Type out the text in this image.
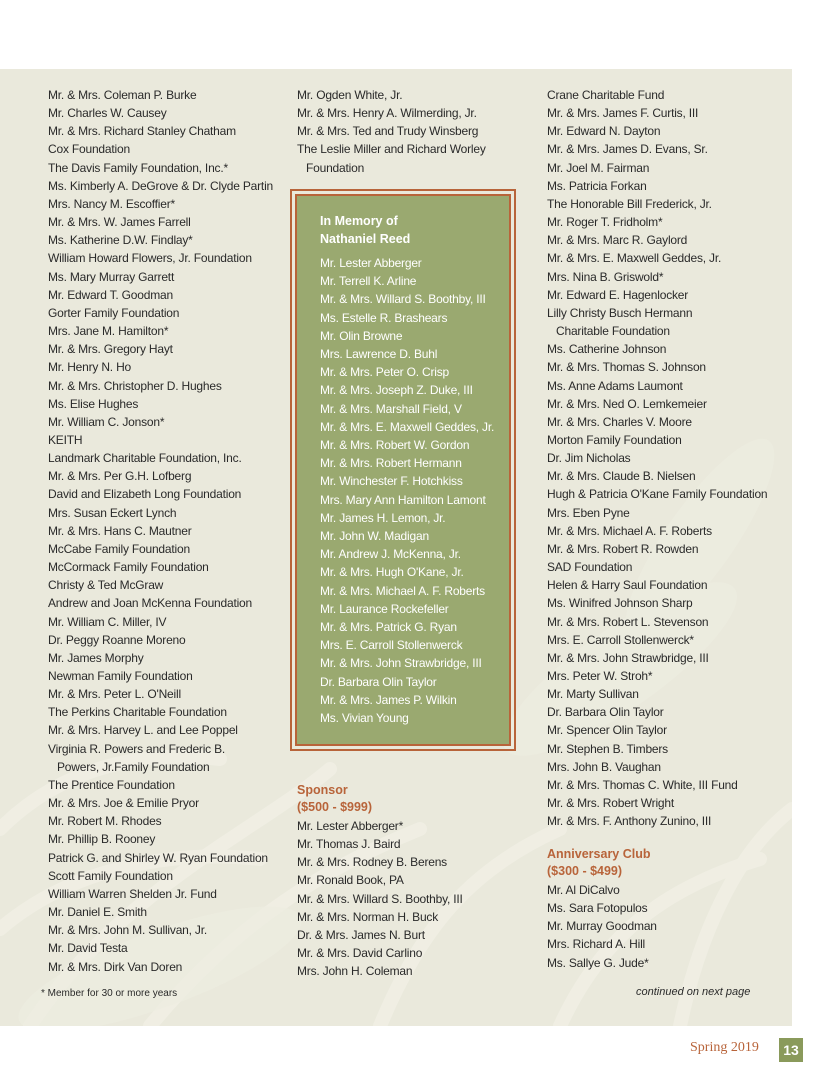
Mr. & Mrs. Coleman P. Burke
Mr. Charles W. Causey
Mr. & Mrs. Richard Stanley Chatham
Cox Foundation
The Davis Family Foundation, Inc.*
Ms. Kimberly A. DeGrove & Dr. Clyde Partin
Mrs. Nancy M. Escoffier*
Mr. & Mrs. W. James Farrell
Ms. Katherine D.W. Findlay*
William Howard Flowers, Jr. Foundation
Ms. Mary Murray Garrett
Mr. Edward T. Goodman
Gorter Family Foundation
Mrs. Jane M. Hamilton*
Mr. & Mrs. Gregory Hayt
Mr. Henry N. Ho
Mr. & Mrs. Christopher D. Hughes
Ms. Elise Hughes
Mr. William C. Jonson*
KEITH
Landmark Charitable Foundation, Inc.
Mr. & Mrs. Per G.H. Lofberg
David and Elizabeth Long Foundation
Mrs. Susan Eckert Lynch
Mr. & Mrs. Hans C. Mautner
McCabe Family Foundation
McCormack Family Foundation
Christy & Ted McGraw
Andrew and Joan McKenna Foundation
Mr. William C. Miller, IV
Dr. Peggy Roanne Moreno
Mr. James Morphy
Newman Family Foundation
Mr. & Mrs. Peter L. O'Neill
The Perkins Charitable Foundation
Mr. & Mrs. Harvey L. and Lee Poppel
Virginia R. Powers and Frederic B.
Powers, Jr.Family Foundation
The Prentice Foundation
Mr. & Mrs. Joe & Emilie Pryor
Mr. Robert M. Rhodes
Mr. Phillip B. Rooney
Patrick G. and Shirley W. Ryan Foundation
Scott Family Foundation
William Warren Shelden Jr. Fund
Mr. Daniel E. Smith
Mr. & Mrs. John M. Sullivan, Jr.
Mr. David Testa
Mr. & Mrs. Dirk Van Doren
Mr. Ogden White, Jr.
Mr. & Mrs. Henry A. Wilmerding, Jr.
Mr. & Mrs. Ted and Trudy Winsberg
The Leslie Miller and Richard Worley
Foundation
Crane Charitable Fund
Mr. & Mrs. James F. Curtis, III
Mr. Edward N. Dayton
Mr. & Mrs. James D. Evans, Sr.
Mr. Joel M. Fairman
Ms. Patricia Forkan
The Honorable Bill Frederick, Jr.
Mr. Roger T. Fridholm*
Mr. & Mrs. Marc R. Gaylord
Mr. & Mrs. E. Maxwell Geddes, Jr.
Mrs. Nina B. Griswold*
Mr. Edward E. Hagenlocker
Lilly Christy Busch Hermann
Charitable Foundation
Ms. Catherine Johnson
Mr. & Mrs. Thomas S. Johnson
Ms. Anne Adams Laumont
Mr. & Mrs. Ned O. Lemkemeier
Mr. & Mrs. Charles V. Moore
Morton Family Foundation
Dr. Jim Nicholas
Mr. & Mrs. Claude B. Nielsen
Hugh & Patricia O'Kane Family Foundation
Mrs. Eben Pyne
Mr. & Mrs. Michael A. F. Roberts
Mr. & Mrs. Robert R. Rowden
SAD Foundation
Helen & Harry Saul Foundation
Ms. Winifred Johnson Sharp
Mr. & Mrs. Robert L. Stevenson
Mrs. E. Carroll Stollenwerck*
Mr. & Mrs. John Strawbridge, III
Mrs. Peter W. Stroh*
Mr. Marty Sullivan
Dr. Barbara Olin Taylor
Mr. Spencer Olin Taylor
Mr. Stephen B. Timbers
Mrs. John B. Vaughan
Mr. & Mrs. Thomas C. White, III Fund
Mr. & Mrs. Robert Wright
Mr. & Mrs. F. Anthony Zunino, III
In Memory of
Nathaniel Reed
Mr. Lester Abberger
Mr. Terrell K. Arline
Mr. & Mrs. Willard S. Boothby, III
Ms. Estelle R. Brashears
Mr. Olin Browne
Mrs. Lawrence D. Buhl
Mr. & Mrs. Peter O. Crisp
Mr. & Mrs. Joseph Z. Duke, III
Mr. & Mrs. Marshall Field, V
Mr. & Mrs. E. Maxwell Geddes, Jr.
Mr. & Mrs. Robert W. Gordon
Mr. & Mrs. Robert Hermann
Mr. Winchester F. Hotchkiss
Mrs. Mary Ann Hamilton Lamont
Mr. James H. Lemon, Jr.
Mr. John W. Madigan
Mr. Andrew J. McKenna, Jr.
Mr. & Mrs. Hugh O'Kane, Jr.
Mr. & Mrs. Michael A. F. Roberts
Mr. Laurance Rockefeller
Mr. & Mrs. Patrick G. Ryan
Mrs. E. Carroll Stollenwerck
Mr. & Mrs. John Strawbridge, III
Dr. Barbara Olin Taylor
Mr. & Mrs. James P. Wilkin
Ms. Vivian Young
Sponsor
($500 - $999)
Mr. Lester Abberger*
Mr. Thomas J. Baird
Mr. & Mrs. Rodney B. Berens
Mr. Ronald Book, PA
Mr. & Mrs. Willard S. Boothby, III
Mr. & Mrs. Norman H. Buck
Dr. & Mrs. James N. Burt
Mr. & Mrs. David Carlino
Mrs. John H. Coleman
Anniversary Club
($300 - $499)
Mr. Al DiCalvo
Ms. Sara Fotopulos
Mr. Murray Goodman
Mrs. Richard A. Hill
Ms. Sallye G. Jude*
* Member for 30 or more years	continued on next page
Spring 2019	13
